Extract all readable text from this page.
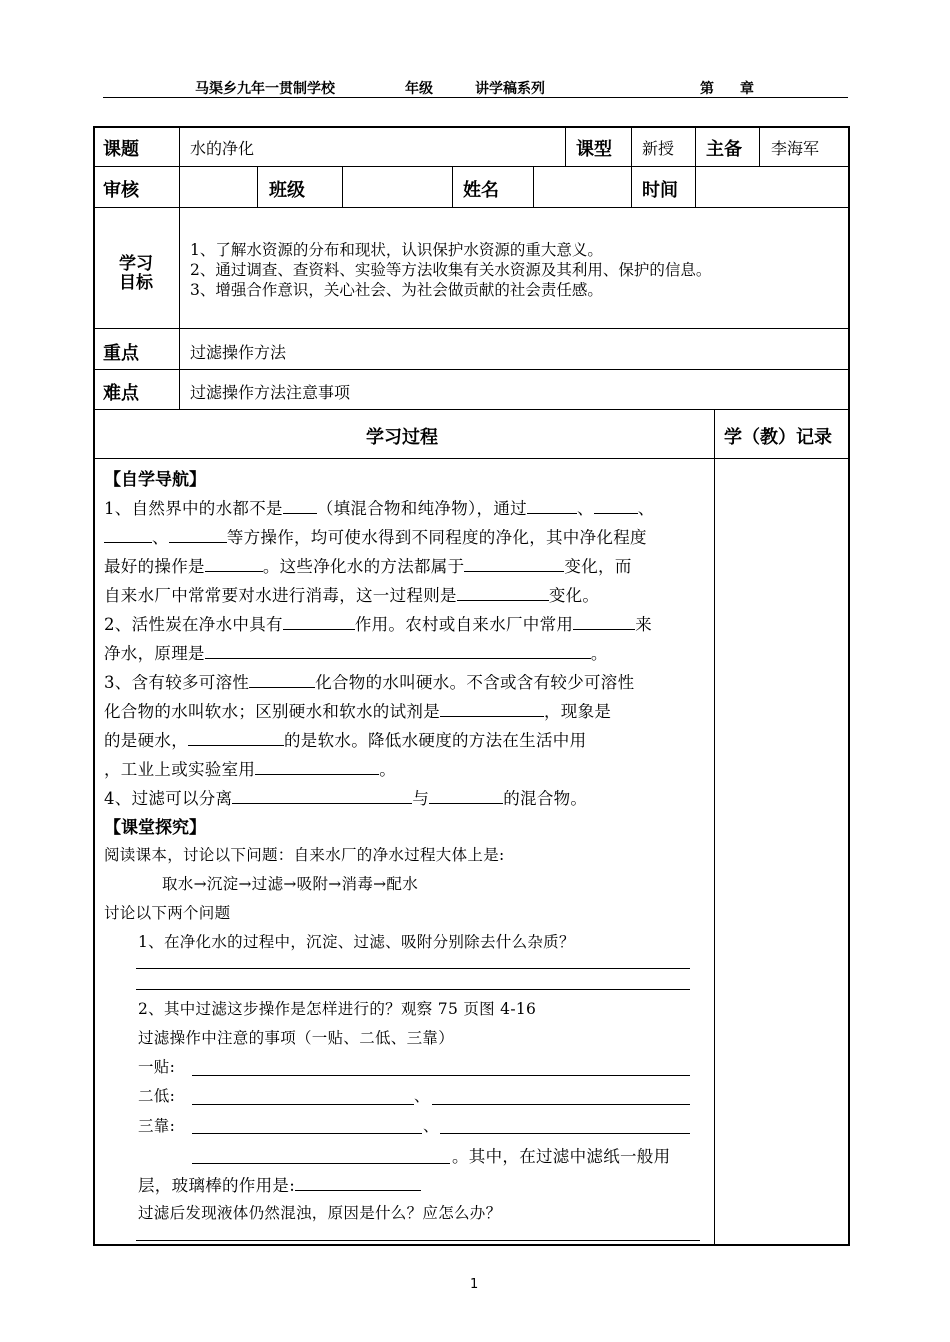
马渠乡九年一贯制学校	年级	讲学稿系列	第 章
课题	水的净化	课型 新授 主备 李海军
审核	班级	姓名	时间
学习
目标
1、了解水资源的分布和现状，认识保护水资源的重大意义。
2、通过调查、查资料、实验等方法收集有关水资源及其利用、保护的信息。
3、增强合作意识，关心社会、为社会做贡献的社会责任感。
重点	过滤操作方法
难点	过滤操作方法注意事项
学习过程	学（教）记录
【自学导航】
1、自然界中的水都不是 （填混合物和纯净物），通过	、	、
、	等方操作，均可使水得到不同程度的净化，其中净化程度
最好的操作是	。这些净化水的方法都属于	变化，而
自来水厂中常常要对水进行消毒，这一过程则是	变化。
2、活性炭在净水中具有	作用。农村或自来水厂中常用	来
净水，原理是	。
3、含有较多可溶性	化合物的水叫硬水。不含或含有较少可溶性
化合物的水叫软水；区别硬水和软水的试剂是	，现象是
的是硬水，	的是软水。降低水硬度的方法在生活中用
，工业上或实验室用	。
4、过滤可以分离	与	的混合物。
【课堂探究】
阅读课本，讨论以下问题：自来水厂的净水过程大体上是:
取水→沉淀→过滤→吸附→消毒→配水
讨论以下两个问题
1、在净化水的过程中，沉淀、过滤、吸附分别除去什么杂质？
2、其中过滤这步操作是怎样进行的？观察 75 页图 4-16
过滤操作中注意的事项（一贴、二低、三靠）
一贴:
二低:	、
三靠:	、
。其中，在过滤中滤纸一般用
层，玻璃棒的作用是:
过滤后发现液体仍然混浊，原因是什么？应怎么办？
1
